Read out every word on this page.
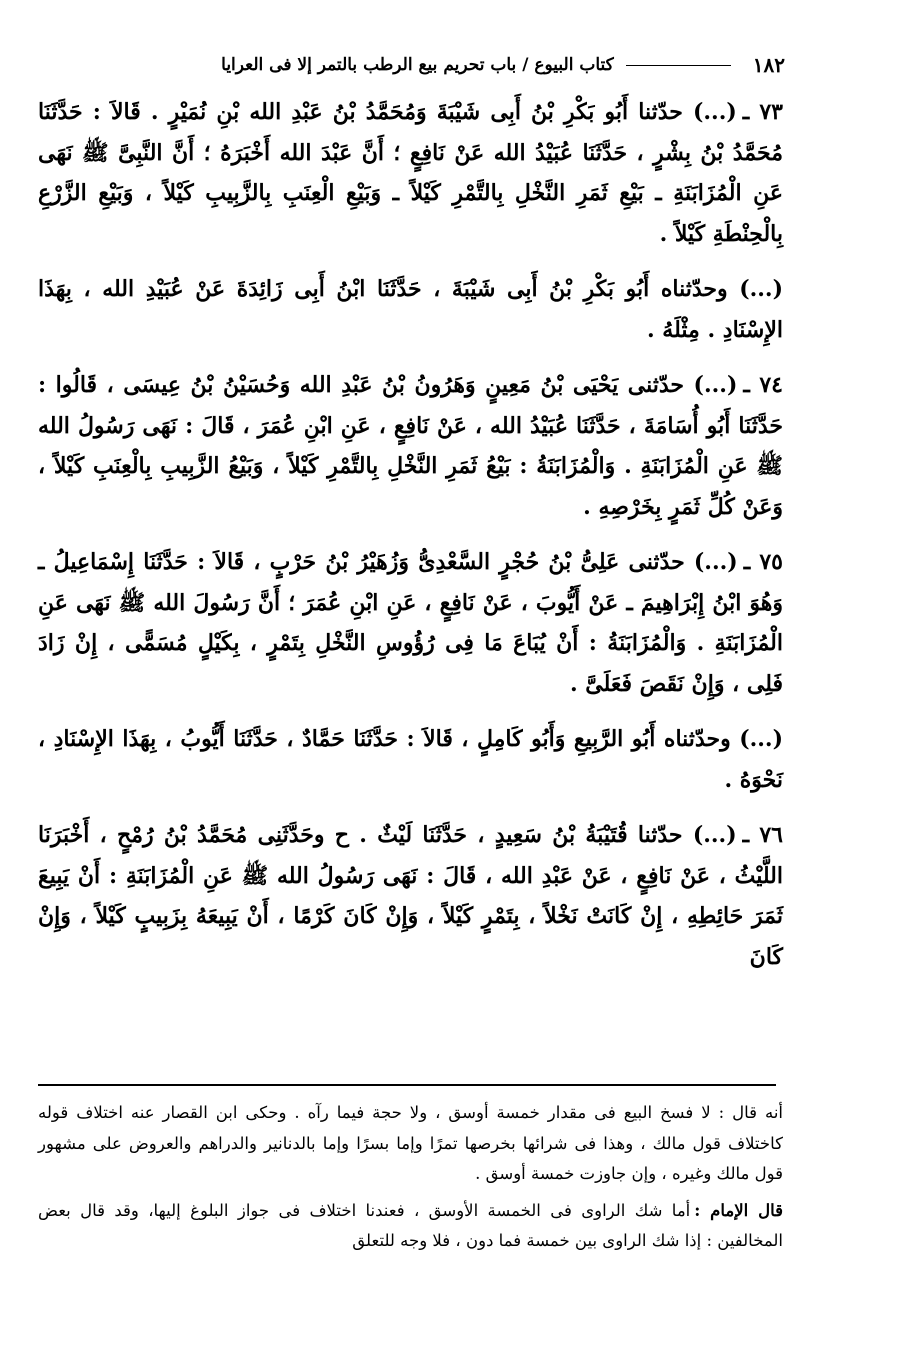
١٨٢
كتاب البيوع / باب تحريم بيع الرطب بالتمر إلا فى العرايا

٧٣ ـ(...) حدّثنا أَبُو بَكْرِ بْنُ أَبِى شَيْبَةَ وَمُحَمَّدُ بْنُ عَبْدِ الله بْنِ نُمَيْرٍ . قَالاَ : حَدَّثَنَا مُحَمَّدُ بْنُ بِشْرٍ ، حَدَّثَنَا عُبَيْدُ الله عَنْ نَافِعٍ ؛ أَنَّ عَبْدَ الله أَخْبَرَهُ ؛ أَنَّ النَّبِىَّ ﷺ نَهَى عَنِ الْمُزَابَنَةِ ـ بَيْعِ ثَمَرِ النَّخْلِ بِالتَّمْرِ كَيْلاً ـ وَبَيْعِ الْعِنَبِ بِالزَّبِيبِ كَيْلاً ، وَبَيْعِ الزَّرْعِ بِالْحِنْطَةِ كَيْلاً .

(...) وحدّثناه أَبُو بَكْرِ بْنُ أَبِى شَيْبَةَ ، حَدَّثَنَا ابْنُ أَبِى زَائِدَةَ عَنْ عُبَيْدِ الله ، بِهَذَا الإِسْنَادِ . مِثْلَهُ .

٧٤ ـ(...) حدّثنى يَحْيَى بْنُ مَعِينٍ وَهَرُونُ بْنُ عَبْدِ الله وَحُسَيْنُ بْنُ عِيسَى ، قَالُوا : حَدَّثَنَا أَبُو أُسَامَةَ ، حَدَّثَنَا عُبَيْدُ الله ، عَنْ نَافِعٍ ، عَنِ ابْنِ عُمَرَ ، قَالَ : نَهَى رَسُولُ الله ﷺ عَنِ الْمُزَابَنَةِ . وَالْمُزَابَنَةُ : بَيْعُ ثَمَرِ النَّخْلِ بِالتَّمْرِ كَيْلاً ، وَبَيْعُ الزَّبِيبِ بِالْعِنَبِ كَيْلاً ، وَعَنْ كُلِّ ثَمَرٍ بِخَرْصِهِ .

٧٥ ـ(...) حدّثنى عَلِىُّ بْنُ حُجْرٍ السَّعْدِىُّ وَزُهَيْرُ بْنُ حَرْبٍ ، قَالاَ : حَدَّثَنَا إِسْمَاعِيلُ ـ وَهُوَ ابْنُ إِبْرَاهِيمَ ـ عَنْ أَيُّوبَ ، عَنْ نَافِعٍ ، عَنِ ابْنِ عُمَرَ ؛ أَنَّ رَسُولَ الله ﷺ نَهَى عَنِ الْمُزَابَنَةِ . وَالْمُزَابَنَةُ : أَنْ يُبَاعَ مَا فِى رُؤُوسِ النَّخْلِ بِتَمْرٍ ، بِكَيْلٍ مُسَمًّى ، إِنْ زَادَ فَلِى ، وَإِنْ نَقَصَ فَعَلَىَّ .

(...) وحدّثناه أَبُو الرَّبِيعِ وَأَبُو كَامِلٍ ، قَالاَ : حَدَّثَنَا حَمَّادٌ ، حَدَّثَنَا أَيُّوبُ ، بِهَذَا الإِسْنَادِ ، نَحْوَهُ .

٧٦ ـ(...) حدّثنا قُتَيْبَةُ بْنُ سَعِيدٍ ، حَدَّثَنَا لَيْثٌ . ح وحَدَّثَنِى مُحَمَّدُ بْنُ رُمْحٍ ، أَخْبَرَنَا اللَّيْثُ ، عَنْ نَافِعٍ ، عَنْ عَبْدِ الله ، قَالَ : نَهَى رَسُولُ الله ﷺ عَنِ الْمُزَابَنَةِ : أَنْ يَبِيعَ ثَمَرَ حَائِطِهِ ، إِنْ كَانَتْ نَخْلاً ، بِتَمْرٍ كَيْلاً ، وَإِنْ كَانَ كَرْمًا ، أَنْ يَبِيعَهُ بِزَبِيبٍ كَيْلاً ، وَإِنْ كَانَ

أنه قال : لا فسخ البيع فى مقدار خمسة أوسق ، ولا حجة فيما رآه . وحكى ابن القصار عنه اختلاف قوله كاختلاف قول مالك ، وهذا فى شرائها بخرصها تمرًا وإما بسرًا وإما بالدنانير والدراهم والعروض على مشهور قول مالك وغيره ، وإن جاوزت خمسة أوسق .

قال الإمام :أما شك الراوى فى الخمسة الأوسق ، فعندنا اختلاف فى جواز البلوغ إليها، وقد قال بعض المخالفين : إذا شك الراوى بين خمسة فما دون ، فلا وجه للتعلق
